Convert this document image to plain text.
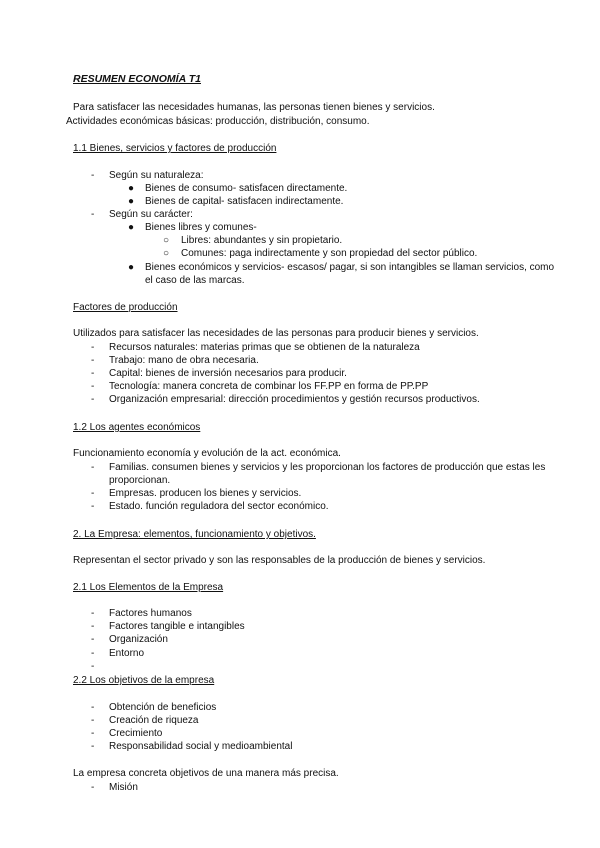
RESUMEN ECONOMÍA T1
Para satisfacer las necesidades humanas, las personas tienen bienes y servicios.
Actividades económicas básicas: producción, distribución, consumo.
1.1 Bienes, servicios y factores de producción
- Según su naturaleza:
● Bienes de consumo- satisfacen directamente.
● Bienes de capital- satisfacen indirectamente.
- Según su carácter:
● Bienes libres y comunes-
○ Libres: abundantes y sin propietario.
○ Comunes: paga indirectamente y son propiedad del sector público.
● Bienes económicos y servicios- escasos/ pagar, si son intangibles se llaman servicios, como
el caso de las marcas.
Factores de producción
Utilizados para satisfacer las necesidades de las personas para producir bienes y servicios.
- Recursos naturales: materias primas que se obtienen de la naturaleza
- Trabajo: mano de obra necesaria.
- Capital: bienes de inversión necesarios para producir.
- Tecnología: manera concreta de combinar los FF.PP en forma de PP.PP
- Organización empresarial: dirección procedimientos y gestión recursos productivos.
1.2 Los agentes económicos
Funcionamiento economía y evolución de la act. económica.
- Familias. consumen bienes y servicios y les proporcionan los factores de producción que estas les
proporcionan.
- Empresas. producen los bienes y servicios.
- Estado. función reguladora del sector económico.
2. La Empresa: elementos, funcionamiento y objetivos.
Representan el sector privado y son las responsables de la producción de bienes y servicios.
2.1 Los Elementos de la Empresa
- Factores humanos
- Factores tangible e intangibles
- Organización
- Entorno
-
2.2 Los objetivos de la empresa
- Obtención de beneficios
- Creación de riqueza
- Crecimiento
- Responsabilidad social y medioambiental
La empresa concreta objetivos de una manera más precisa.
- Misión
